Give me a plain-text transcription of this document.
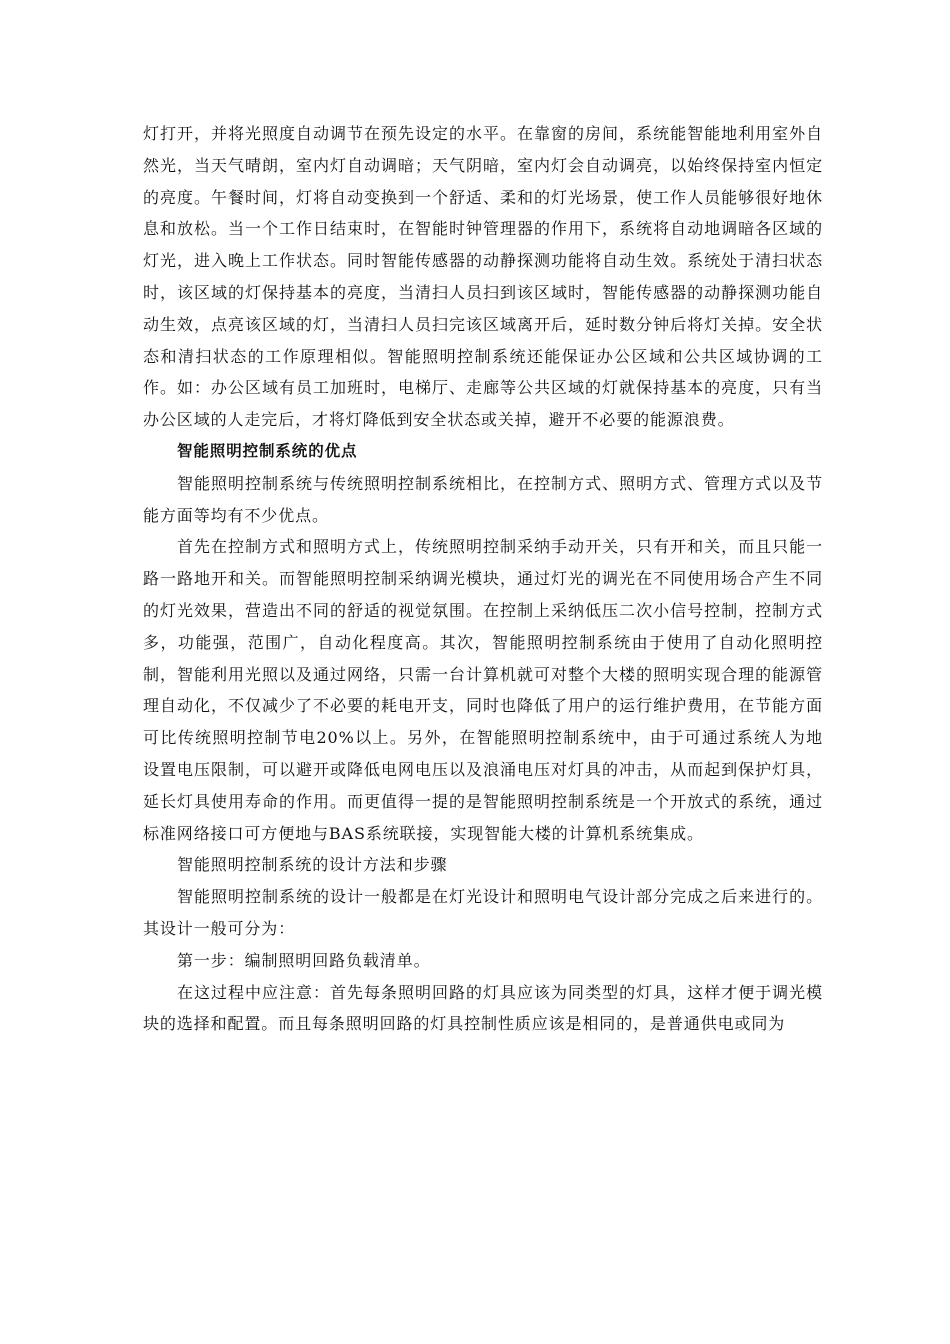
灯打开，并将光照度自动调节在预先设定的水平。在靠窗的房间，系统能智能地利用室外自然光，当天气晴朗，室内灯自动调暗；天气阴暗，室内灯会自动调亮，以始终保持室内恒定的亮度。午餐时间，灯将自动变换到一个舒适、柔和的灯光场景，使工作人员能够很好地休息和放松。当一个工作日结束时，在智能时钟管理器的作用下，系统将自动地调暗各区域的灯光，进入晚上工作状态。同时智能传感器的动静探测功能将自动生效。系统处于清扫状态时，该区域的灯保持基本的亮度，当清扫人员扫到该区域时，智能传感器的动静探测功能自动生效，点亮该区域的灯，当清扫人员扫完该区域离开后，延时数分钟后将灯关掉。安全状态和清扫状态的工作原理相似。智能照明控制系统还能保证办公区域和公共区域协调的工作。如：办公区域有员工加班时，电梯厅、走廊等公共区域的灯就保持基本的亮度，只有当办公区域的人走完后，才将灯降低到安全状态或关掉，避开不必要的能源浪费。

智能照明控制系统的优点

智能照明控制系统与传统照明控制系统相比，在控制方式、照明方式、管理方式以及节能方面等均有不少优点。

首先在控制方式和照明方式上，传统照明控制采纳手动开关，只有开和关，而且只能一路一路地开和关。而智能照明控制采纳调光模块，通过灯光的调光在不同使用场合产生不同的灯光效果，营造出不同的舒适的视觉氛围。在控制上采纳低压二次小信号控制，控制方式多，功能强，范围广，自动化程度高。其次，智能照明控制系统由于使用了自动化照明控制，智能利用光照以及通过网络，只需一台计算机就可对整个大楼的照明实现合理的能源管理自动化，不仅减少了不必要的耗电开支，同时也降低了用户的运行维护费用，在节能方面可比传统照明控制节电20%以上。另外，在智能照明控制系统中，由于可通过系统人为地设置电压限制，可以避开或降低电网电压以及浪涌电压对灯具的冲击，从而起到保护灯具，延长灯具使用寿命的作用。而更值得一提的是智能照明控制系统是一个开放式的系统，通过标准网络接口可方便地与BAS系统联接，实现智能大楼的计算机系统集成。

智能照明控制系统的设计方法和步骤

智能照明控制系统的设计一般都是在灯光设计和照明电气设计部分完成之后来进行的。其设计一般可分为：

第一步：编制照明回路负载清单。

在这过程中应注意：首先每条照明回路的灯具应该为同类型的灯具，这样才便于调光模块的选择和配置。而且每条照明回路的灯具控制性质应该是相同的，是普通供电或同为
